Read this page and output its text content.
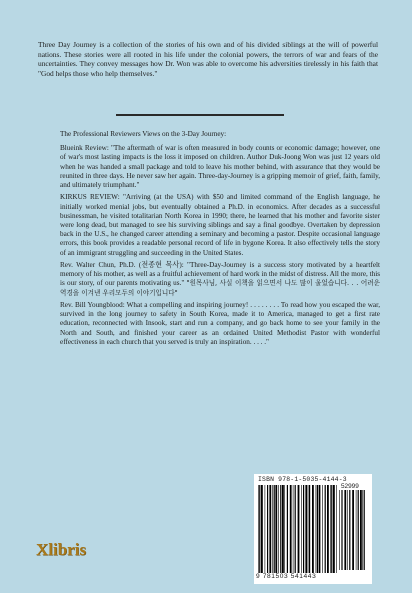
Three Day Journey is a collection of the stories of his own and of his divided siblings at the will of powerful nations. These stories were all rooted in his life under the colonial powers, the terrors of war and fears of the uncertainties. They convey messages how Dr. Won was able to overcome his adversities tirelessly in his faith that "God helps those who help themselves."

The Professional Reviewers Views on the 3-Day Journey:

Blueink Review: "The aftermath of war is often measured in body counts or economic damage; however, one of war's most lasting impacts is the loss it imposed on children. Author Duk-Joong Won was just 12 years old when he was handed a small package and told to leave his mother behind, with assurance that they would be reunited in three days. He never saw her again. Three-day-Journey is a gripping memoir of grief, faith, family, and ultimately triumphant."

KIRKUS REVIEW: "Arriving (at the USA) with $50 and limited command of the English language, he initially worked menial jobs, but eventually obtained a Ph.D. in economics. After decades as a successful businessman, he visited totalitarian North Korea in 1990; there, he learned that his mother and favorite sister were long dead, but managed to see his surviving siblings and say a final goodbye. Overtaken by depression back in the U.S., he changed career attending a seminary and becoming a pastor. Despite occasional language errors, this book provides a readable personal record of life in bygone Korea. It also effectively tells the story of an immigrant struggling and succeeding in the United States.

Rev. Walter Chun, Ph.D. (전종현 목사): "Three-Day-Journey is a success story motivated by a heartfelt memory of his mother, as well as a fruitful achievement of hard work in the midst of distress. All the more, this is our story, of our parents motivating us." "원목사님, 사실 이책을 읽으면서 나도 많이 울었습니다. . . 어려운 역경을 이겨낸 우리모두의 이야기입니다"

Rev. Bill Youngblood: What a compelling and inspiring journey! . . . . . . . . To read how you escaped the war, survived in the long journey to safety in South Korea, made it to America, managed to get a first rate education, reconnected with Insook, start and run a company, and go back home to see your family in the North and South, and finished your career as an ordained United Methodist Pastor with wonderful effectiveness in each church that you served is truly an inspiration. . . . ."

ISBN 978-1-5035-4144-3
52999
9 781503 541443
Xlibris
